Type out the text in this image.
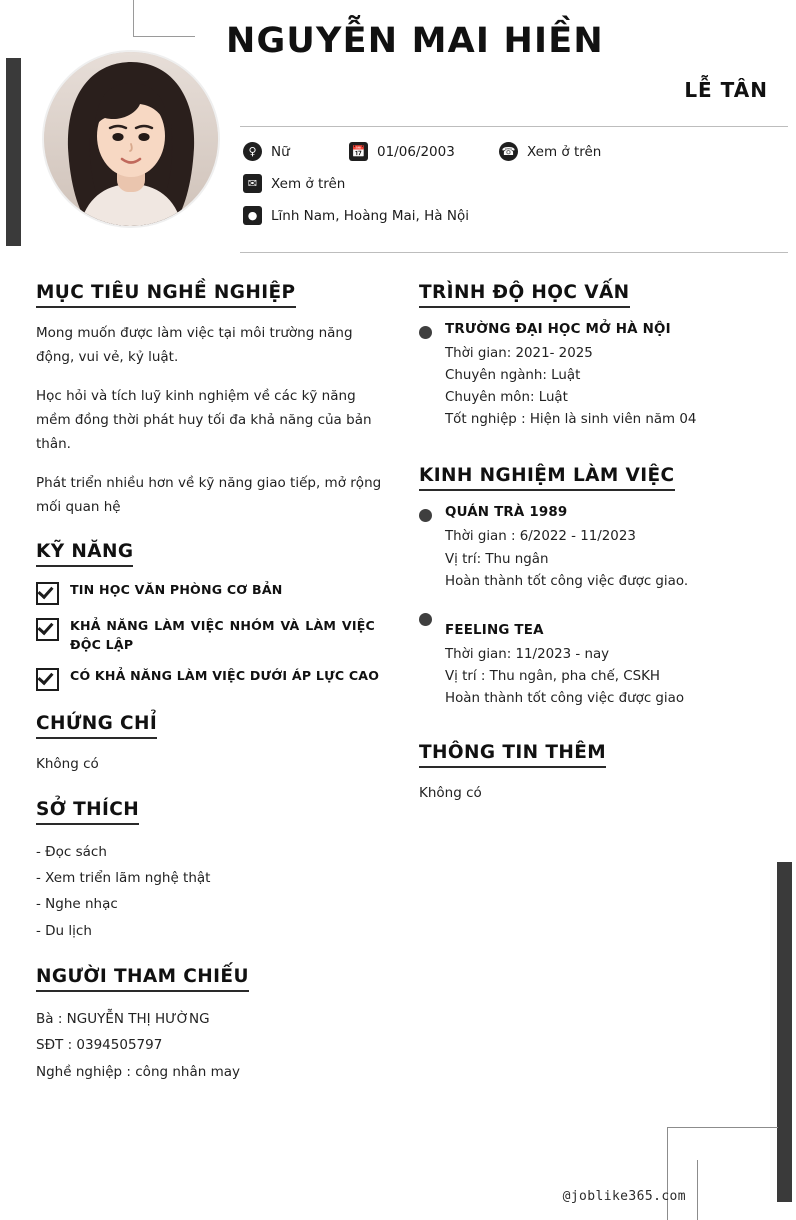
NGUYỄN MAI HIỀN
LỄ TÂN
♀	Nữ	📅 01/06/2003	☎ Xem ở trên
✉	Xem ở trên
●	Lĩnh Nam, Hoàng Mai, Hà Nội
MỤC TIÊU NGHỀ NGHIỆP

Mong muốn được làm việc tại môi trường năng động, vui vẻ, kỷ luật.

Học hỏi và tích luỹ kinh nghiệm về các kỹ năng mềm đồng thời phát huy tối đa khả năng của bản thân.

Phát triển nhiều hơn về kỹ năng giao tiếp, mở rộng mối quan hệ

KỸ NĂNG
TIN HỌC VĂN PHÒNG CƠ BẢN
KHẢ NĂNG LÀM VIỆC NHÓM VÀ LÀM VIỆC ĐỘC LẬP
CÓ KHẢ NĂNG LÀM VIỆC DƯỚI ÁP LỰC CAO
CHỨNG CHỈ
Không có
SỞ THÍCH
- Đọc sách
- Xem triển lãm nghệ thật
- Nghe nhạc
- Du lịch
NGƯỜI THAM CHIẾU
Bà : NGUYỄN THỊ HƯỜNG
SĐT : 0394505797
Nghề nghiệp : công nhân may
TRÌNH ĐỘ HỌC VẤN
TRƯỜNG ĐẠI HỌC MỞ HÀ NỘI
Thời gian: 2021- 2025
Chuyên ngành: Luật
Chuyên môn: Luật
Tốt nghiệp : Hiện là sinh viên năm 04
KINH NGHIỆM LÀM VIỆC
QUÁN TRÀ 1989
Thời gian : 6/2022 - 11/2023
Vị trí: Thu ngân
Hoàn thành tốt công việc được giao.
FEELING TEA
Thời gian: 11/2023 - nay
Vị trí : Thu ngân, pha chế, CSKH
Hoàn thành tốt công việc được giao
THÔNG TIN THÊM
Không có
@joblike365.com
